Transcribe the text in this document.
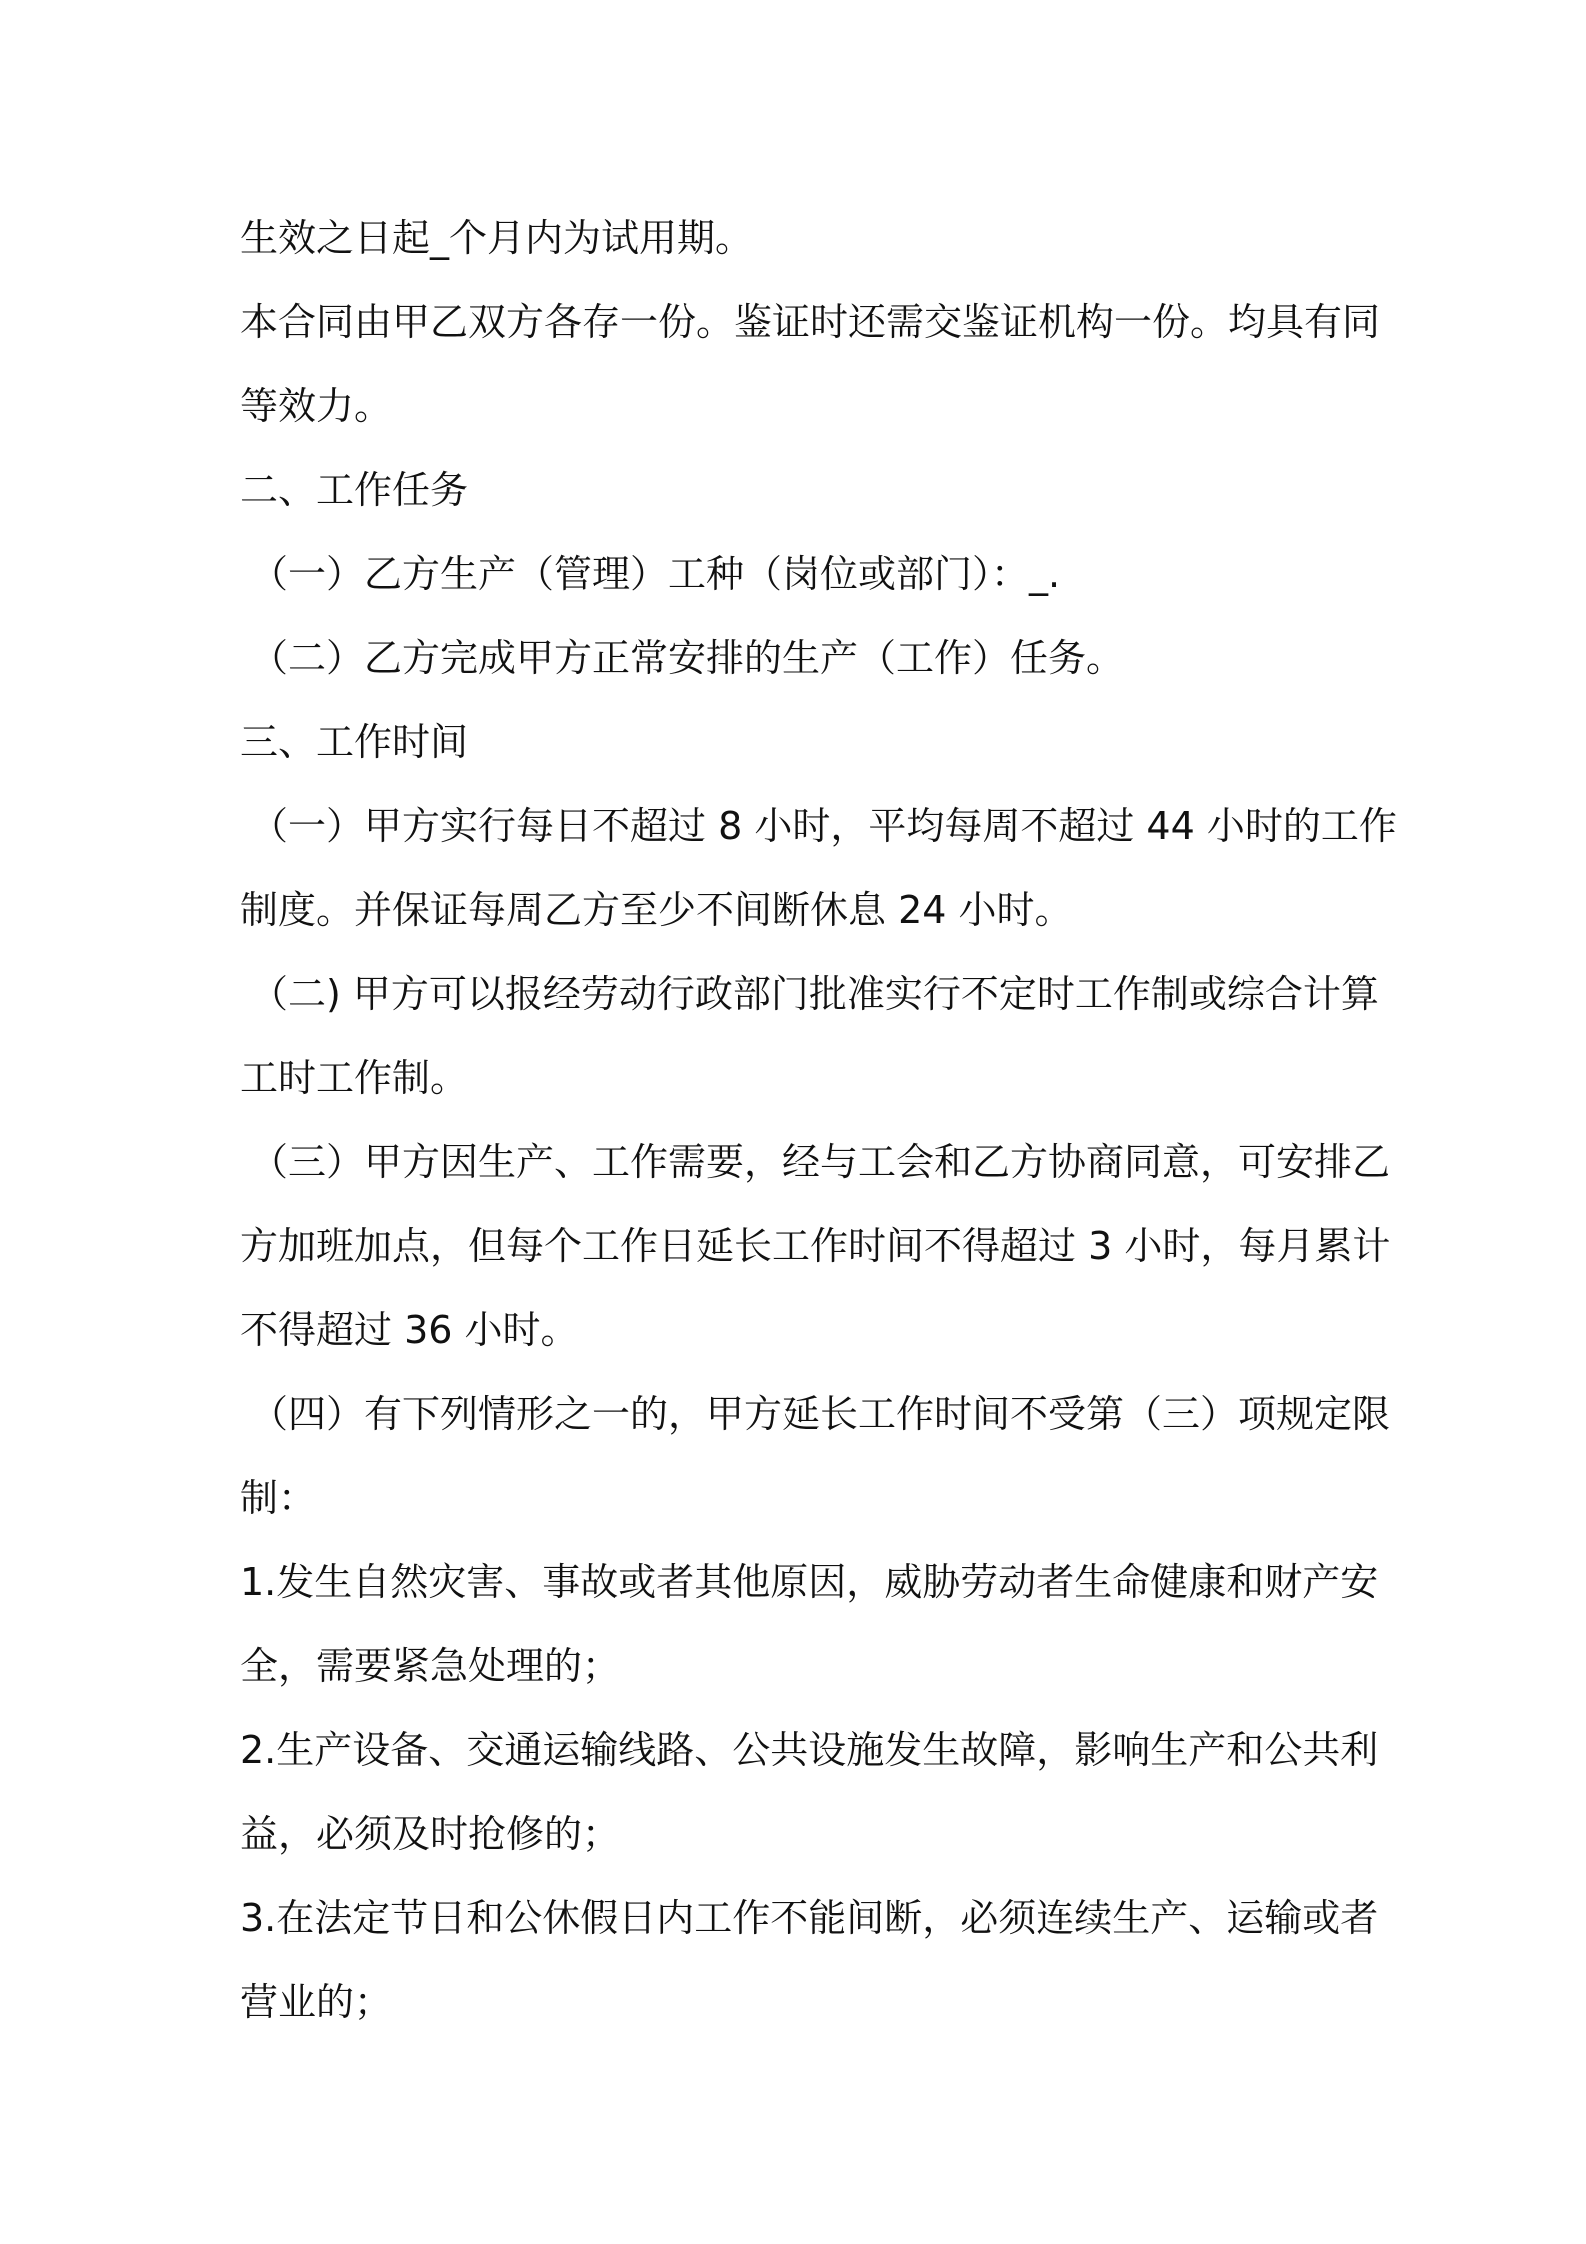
生效之日起_个月内为试用期。
本合同由甲乙双方各存一份。鉴证时还需交鉴证机构一份。均具有同
等效力。
二、工作任务
（一）乙方生产（管理）工种（岗位或部门）：_.
（二）乙方完成甲方正常安排的生产（工作）任务。
三、工作时间
（一）甲方实行每日不超过 8 小时，平均每周不超过 44 小时的工作
制度。并保证每周乙方至少不间断休息 24 小时。
（二) 甲方可以报经劳动行政部门批准实行不定时工作制或综合计算
工时工作制。
（三）甲方因生产、工作需要，经与工会和乙方协商同意，可安排乙
方加班加点，但每个工作日延长工作时间不得超过 3 小时，每月累计
不得超过 36 小时。
（四）有下列情形之一的，甲方延长工作时间不受第（三）项规定限
制：
1.发生自然灾害、事故或者其他原因，威胁劳动者生命健康和财产安
全，需要紧急处理的；
2.生产设备、交通运输线路、公共设施发生故障，影响生产和公共利
益，必须及时抢修的；
3.在法定节日和公休假日内工作不能间断，必须连续生产、运输或者
营业的；
